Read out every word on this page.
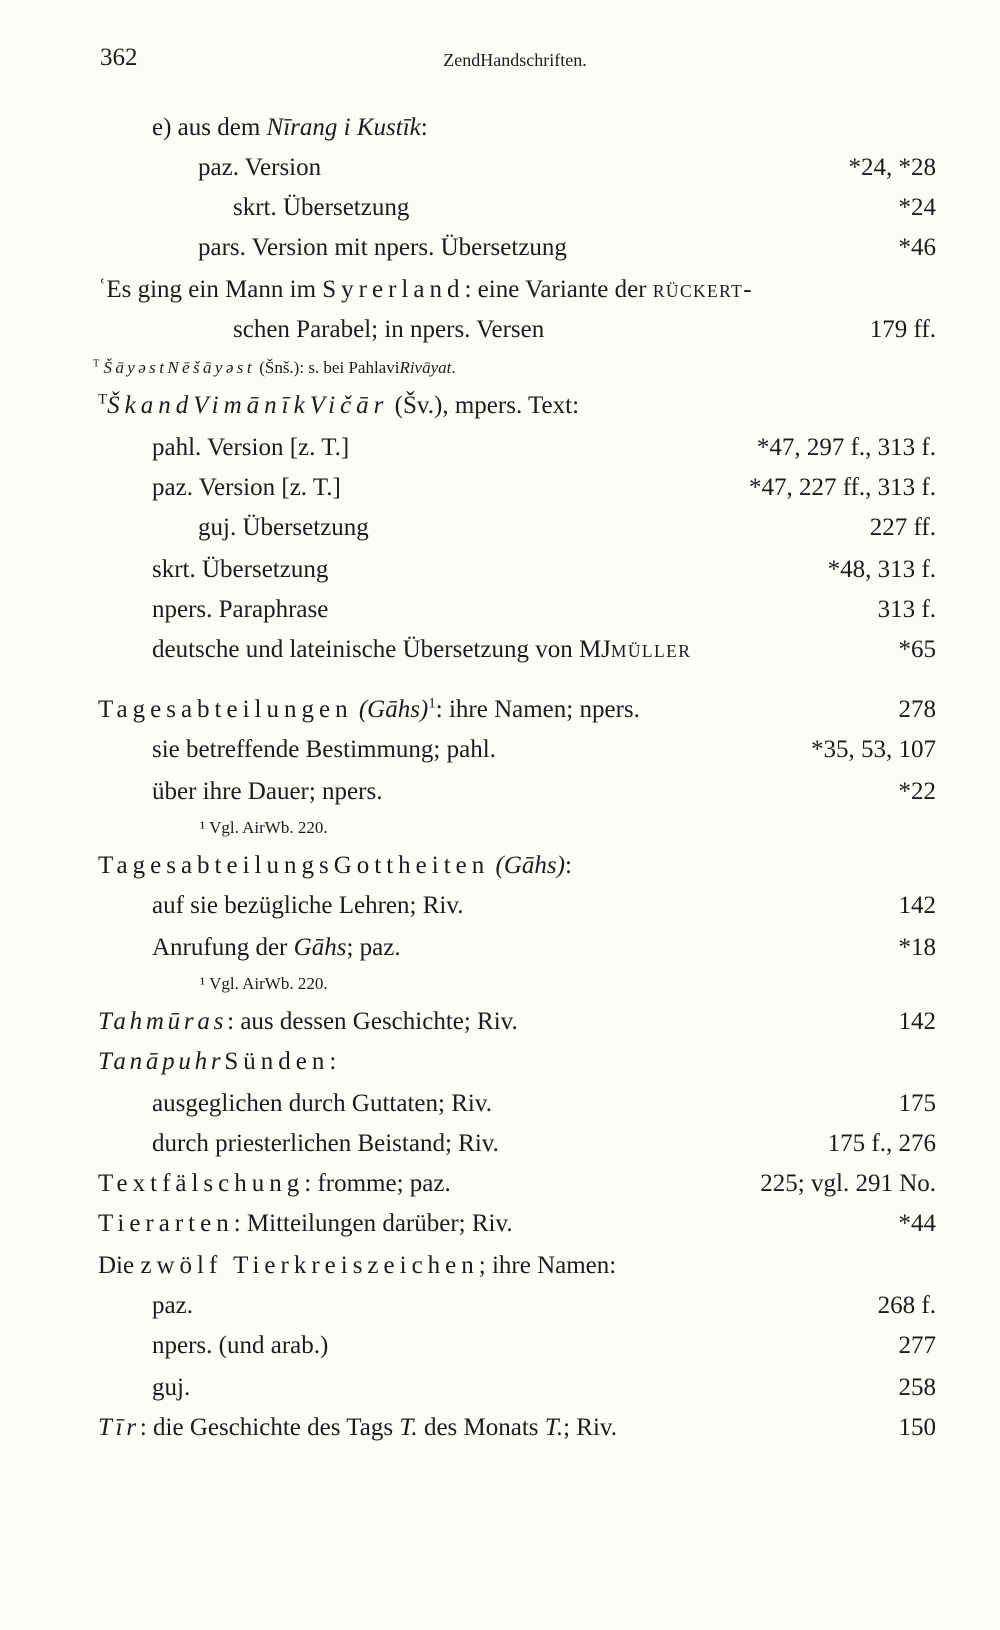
362	ZendHandschriften.
e) aus dem Nīrang i Kustīk:
paz. Version	*24, *28
skrt. Übersetzung	*24
pars. Version mit npers. Übersetzung	*46
ʿEs ging ein Mann im Syrerland: eine Variante der RÜCKERT-
schen Parabel; in npers. Versen	179 ff.
$^T$ ŠāyəstNēšāyəst (Šnš.): s. bei PahlaviRivāyat.
$^T$ŠkandVimānīkVičār (Šv.), mpers. Text:
pahl. Version [z. T.]	*47, 297 f., 313 f.
paz. Version [z. T.]	*47, 227 ff., 313 f.
guj. Übersetzung	227 ff.
skrt. Übersetzung	*48, 313 f.
npers. Paraphrase	313 f.
deutsche und lateinische Übersetzung von MJMÜLLER	*65
Tagesabteilungen (Gāhs)$^1$: ihre Namen; npers.	278
sie betreffende Bestimmung; pahl.	*35, 53, 107
über ihre Dauer; npers.	*22
¹ Vgl. AirWb. 220.
TagesabteilungsGottheiten (Gāhs):
auf sie bezügliche Lehren; Riv.	142
Anrufung der Gāhs; paz.	*18
¹ Vgl. AirWb. 220.
Tahmūras: aus dessen Geschichte; Riv.	142
TanāpuhrSünden:
ausgeglichen durch Guttaten; Riv.	175
durch priesterlichen Beistand; Riv.	175 f., 276
Textfälschung: fromme; paz.	225; vgl. 291 No.
Tierarten: Mitteilungen darüber; Riv.	*44
Die zwölf Tierkreiszeichen; ihre Namen:
paz.	268 f.
npers. (und arab.)	277
guj.	258
Tīr: die Geschichte des Tags T. des Monats T.; Riv.	150
